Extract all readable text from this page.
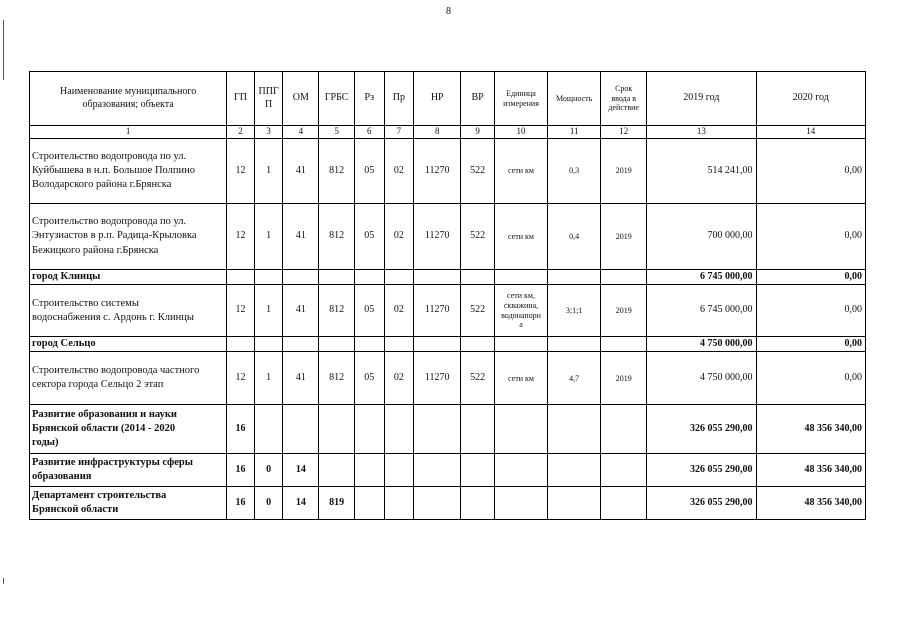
8
Наименование муниципального
образования; объекта	ГП	ППГ
П	ОМ	ГРБС	Рз	Пр	НР	ВР	Единица
измерения	Мощность	Срок
ввода в
действие	2019 год	2020 год
1	2	3	4	5	6	7	8	9	10	11	12	13	14
Строительство водопровода по ул.
Куйбышева в н.п. Большое Полпино
Володарского района г.Брянска	12	1	41	812	05	02	11270	522	сети км	0,3	2019	514 241,00	0,00
Строительство водопровода по ул.
Энтузиастов в р.п. Радица-Крыловка
Бежицкого района г.Брянска	12	1	41	812	05	02	11270	522	сети км	0,4	2019	700 000,00	0,00
город Клинцы												6 745 000,00	0,00
Строительство системы
водоснабжения с. Ардонь г. Клинцы	12	1	41	812	05	02	11270	522	сети км,
скважина,
водонапорн
а	3;1;1	2019	6 745 000,00	0,00
город Сельцо												4 750 000,00	0,00
Строительство водопровода частного
сектора города Сельцо 2 этап	12	1	41	812	05	02	11270	522	сети км	4,7	2019	4 750 000,00	0,00
Развитие образования и науки
Брянской области (2014 - 2020
годы)	16											326 055 290,00	48 356 340,00
Развитие инфраструктуры сферы
образования	16	0	14									326 055 290,00	48 356 340,00
Департамент строительства
Брянской области	16	0	14	819								326 055 290,00	48 356 340,00
